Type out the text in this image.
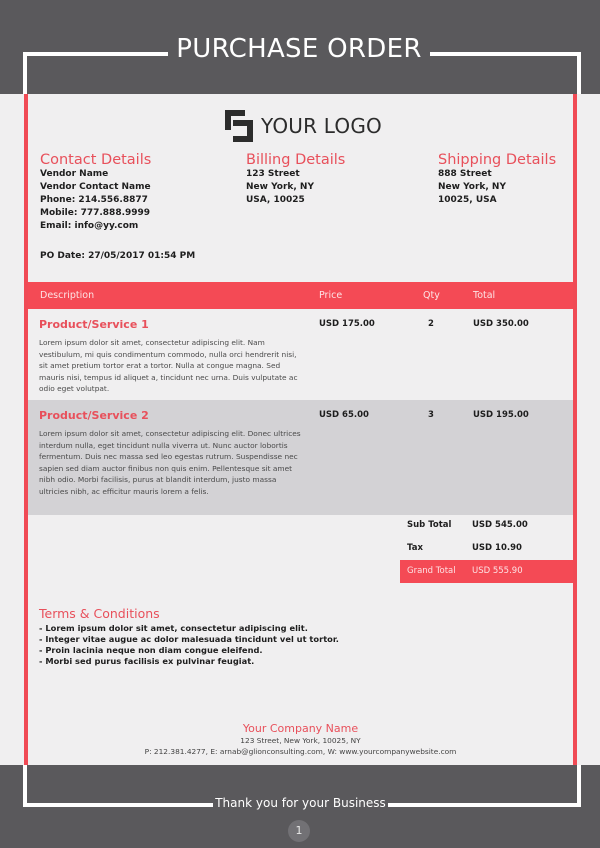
PURCHASE ORDER
YOUR LOGO
Contact Details
Vendor Name
Vendor Contact Name
Phone: 214.556.8877
Mobile: 777.888.9999
Email: info@yy.com
Billing Details
123 Street
New York, NY
USA, 10025
Shipping Details
888 Street
New York, NY
10025, USA
PO Date: 27/05/2017 01:54 PM
Description	Price	Qty	Total
Product/Service 1
Lorem ipsum dolor sit amet, consectetur adipiscing elit. Nam vestibulum, mi quis condimentum commodo, nulla orci hendrerit nisi, sit amet pretium tortor erat a tortor. Nulla at congue magna. Sed mauris nisi, tempus id aliquet a, tincidunt nec urna. Duis vulputate ac odio eget volutpat.
USD 175.00	2	USD 350.00
Product/Service 2
Lorem ipsum dolor sit amet, consectetur adipiscing elit. Donec ultrices interdum nulla, eget tincidunt nulla viverra ut. Nunc auctor lobortis fermentum. Duis nec massa sed leo egestas rutrum. Suspendisse nec sapien sed diam auctor finibus non quis enim. Pellentesque sit amet nibh odio. Morbi facilisis, purus at blandit interdum, justo massa ultricies nibh, ac efficitur mauris lorem a felis.
USD 65.00	3	USD 195.00
Sub Total USD 545.00
Tax	USD 10.90
Grand Total USD 555.90
Terms & Conditions
- Lorem ipsum dolor sit amet, consectetur adipiscing elit.
- Integer vitae augue ac dolor malesuada tincidunt vel ut tortor.
- Proin lacinia neque non diam congue eleifend.
- Morbi sed purus facilisis ex pulvinar feugiat.
Your Company Name
123 Street, New York, 10025, NY
P: 212.381.4277, E: arnab@glionconsulting.com, W: www.yourcompanywebsite.com
Thank you for your Business
1
